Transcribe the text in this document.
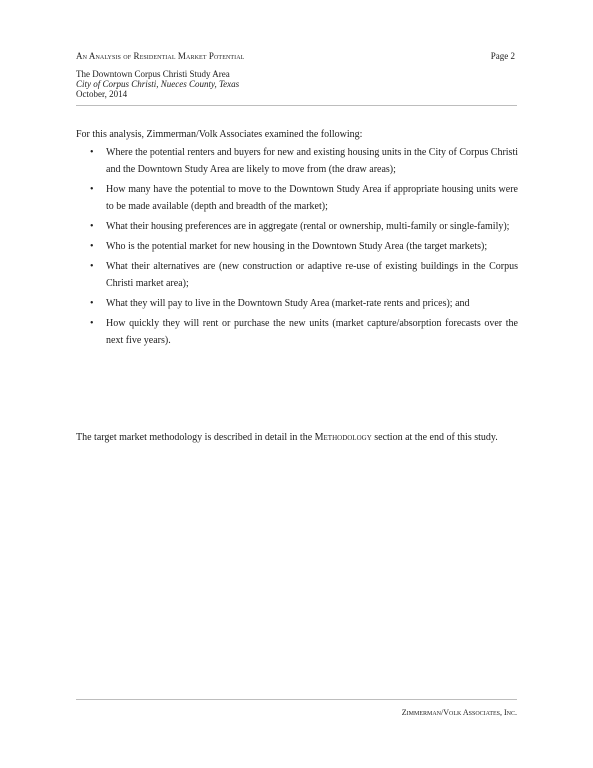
An Analysis of Residential Market Potential
The Downtown Corpus Christi Study Area
City of Corpus Christi, Nueces County, Texas
October, 2014
Page 2
For this analysis, Zimmerman/Volk Associates examined the following:
• Where the potential renters and buyers for new and existing housing units in the City of Corpus Christi and the Downtown Study Area are likely to move from (the draw areas);
• How many have the potential to move to the Downtown Study Area if appropriate housing units were to be made available (depth and breadth of the market);
• What their housing preferences are in aggregate (rental or ownership, multi-family or single-family);
• Who is the potential market for new housing in the Downtown Study Area (the target markets);
• What their alternatives are (new construction or adaptive re-use of existing buildings in the Corpus Christi market area);
• What they will pay to live in the Downtown Study Area (market-rate rents and prices); and
• How quickly they will rent or purchase the new units (market capture/absorption forecasts over the next five years).
The target market methodology is described in detail in the Methodology section at the end of this study.
Zimmerman/Volk Associates, Inc.
